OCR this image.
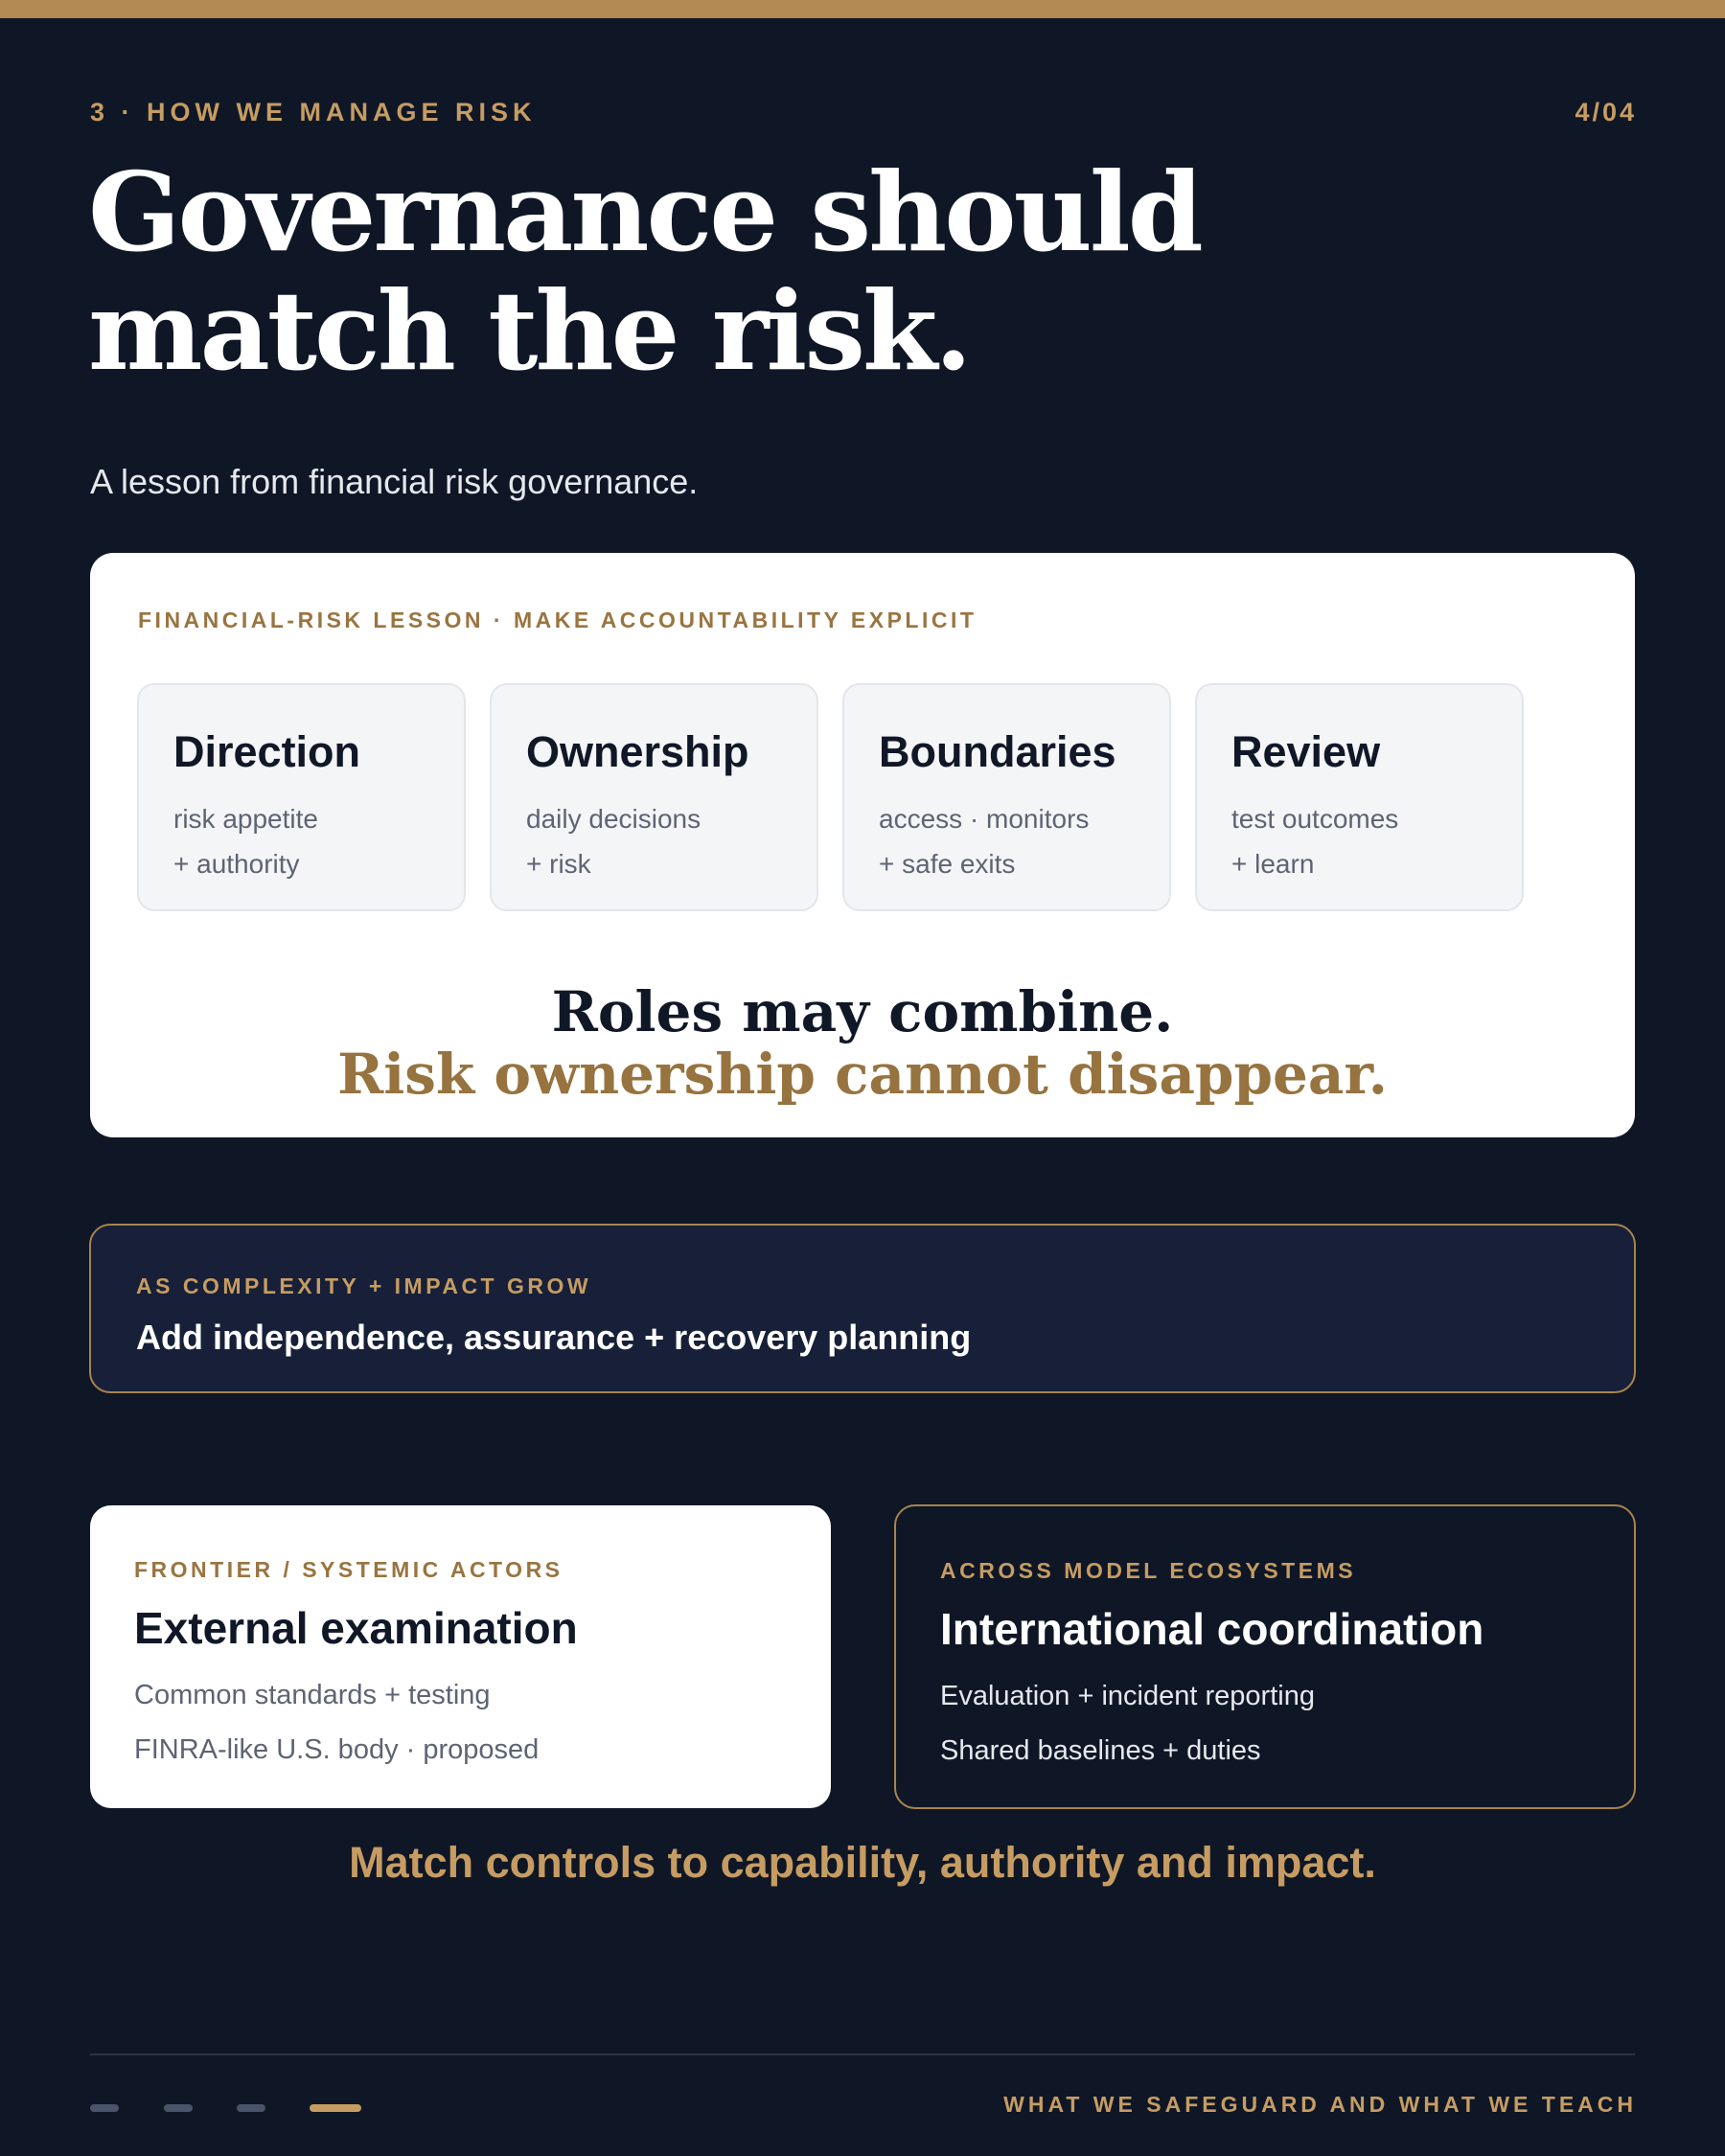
3 · HOW WE MANAGE RISK	4/04
Governance should
match the risk.
A lesson from financial risk governance.
FINANCIAL-RISK LESSON · MAKE ACCOUNTABILITY EXPLICIT
Direction
risk appetite
+ authority
Ownership
daily decisions
+ risk
Boundaries
access · monitors
+ safe exits
Review
test outcomes
+ learn
Roles may combine.
Risk ownership cannot disappear.
AS COMPLEXITY + IMPACT GROW
Add independence, assurance + recovery planning
FRONTIER / SYSTEMIC ACTORS
External examination
Common standards + testing
FINRA-like U.S. body · proposed
ACROSS MODEL ECOSYSTEMS
International coordination
Evaluation + incident reporting
Shared baselines + duties
Match controls to capability, authority and impact.
WHAT WE SAFEGUARD AND WHAT WE TEACH
